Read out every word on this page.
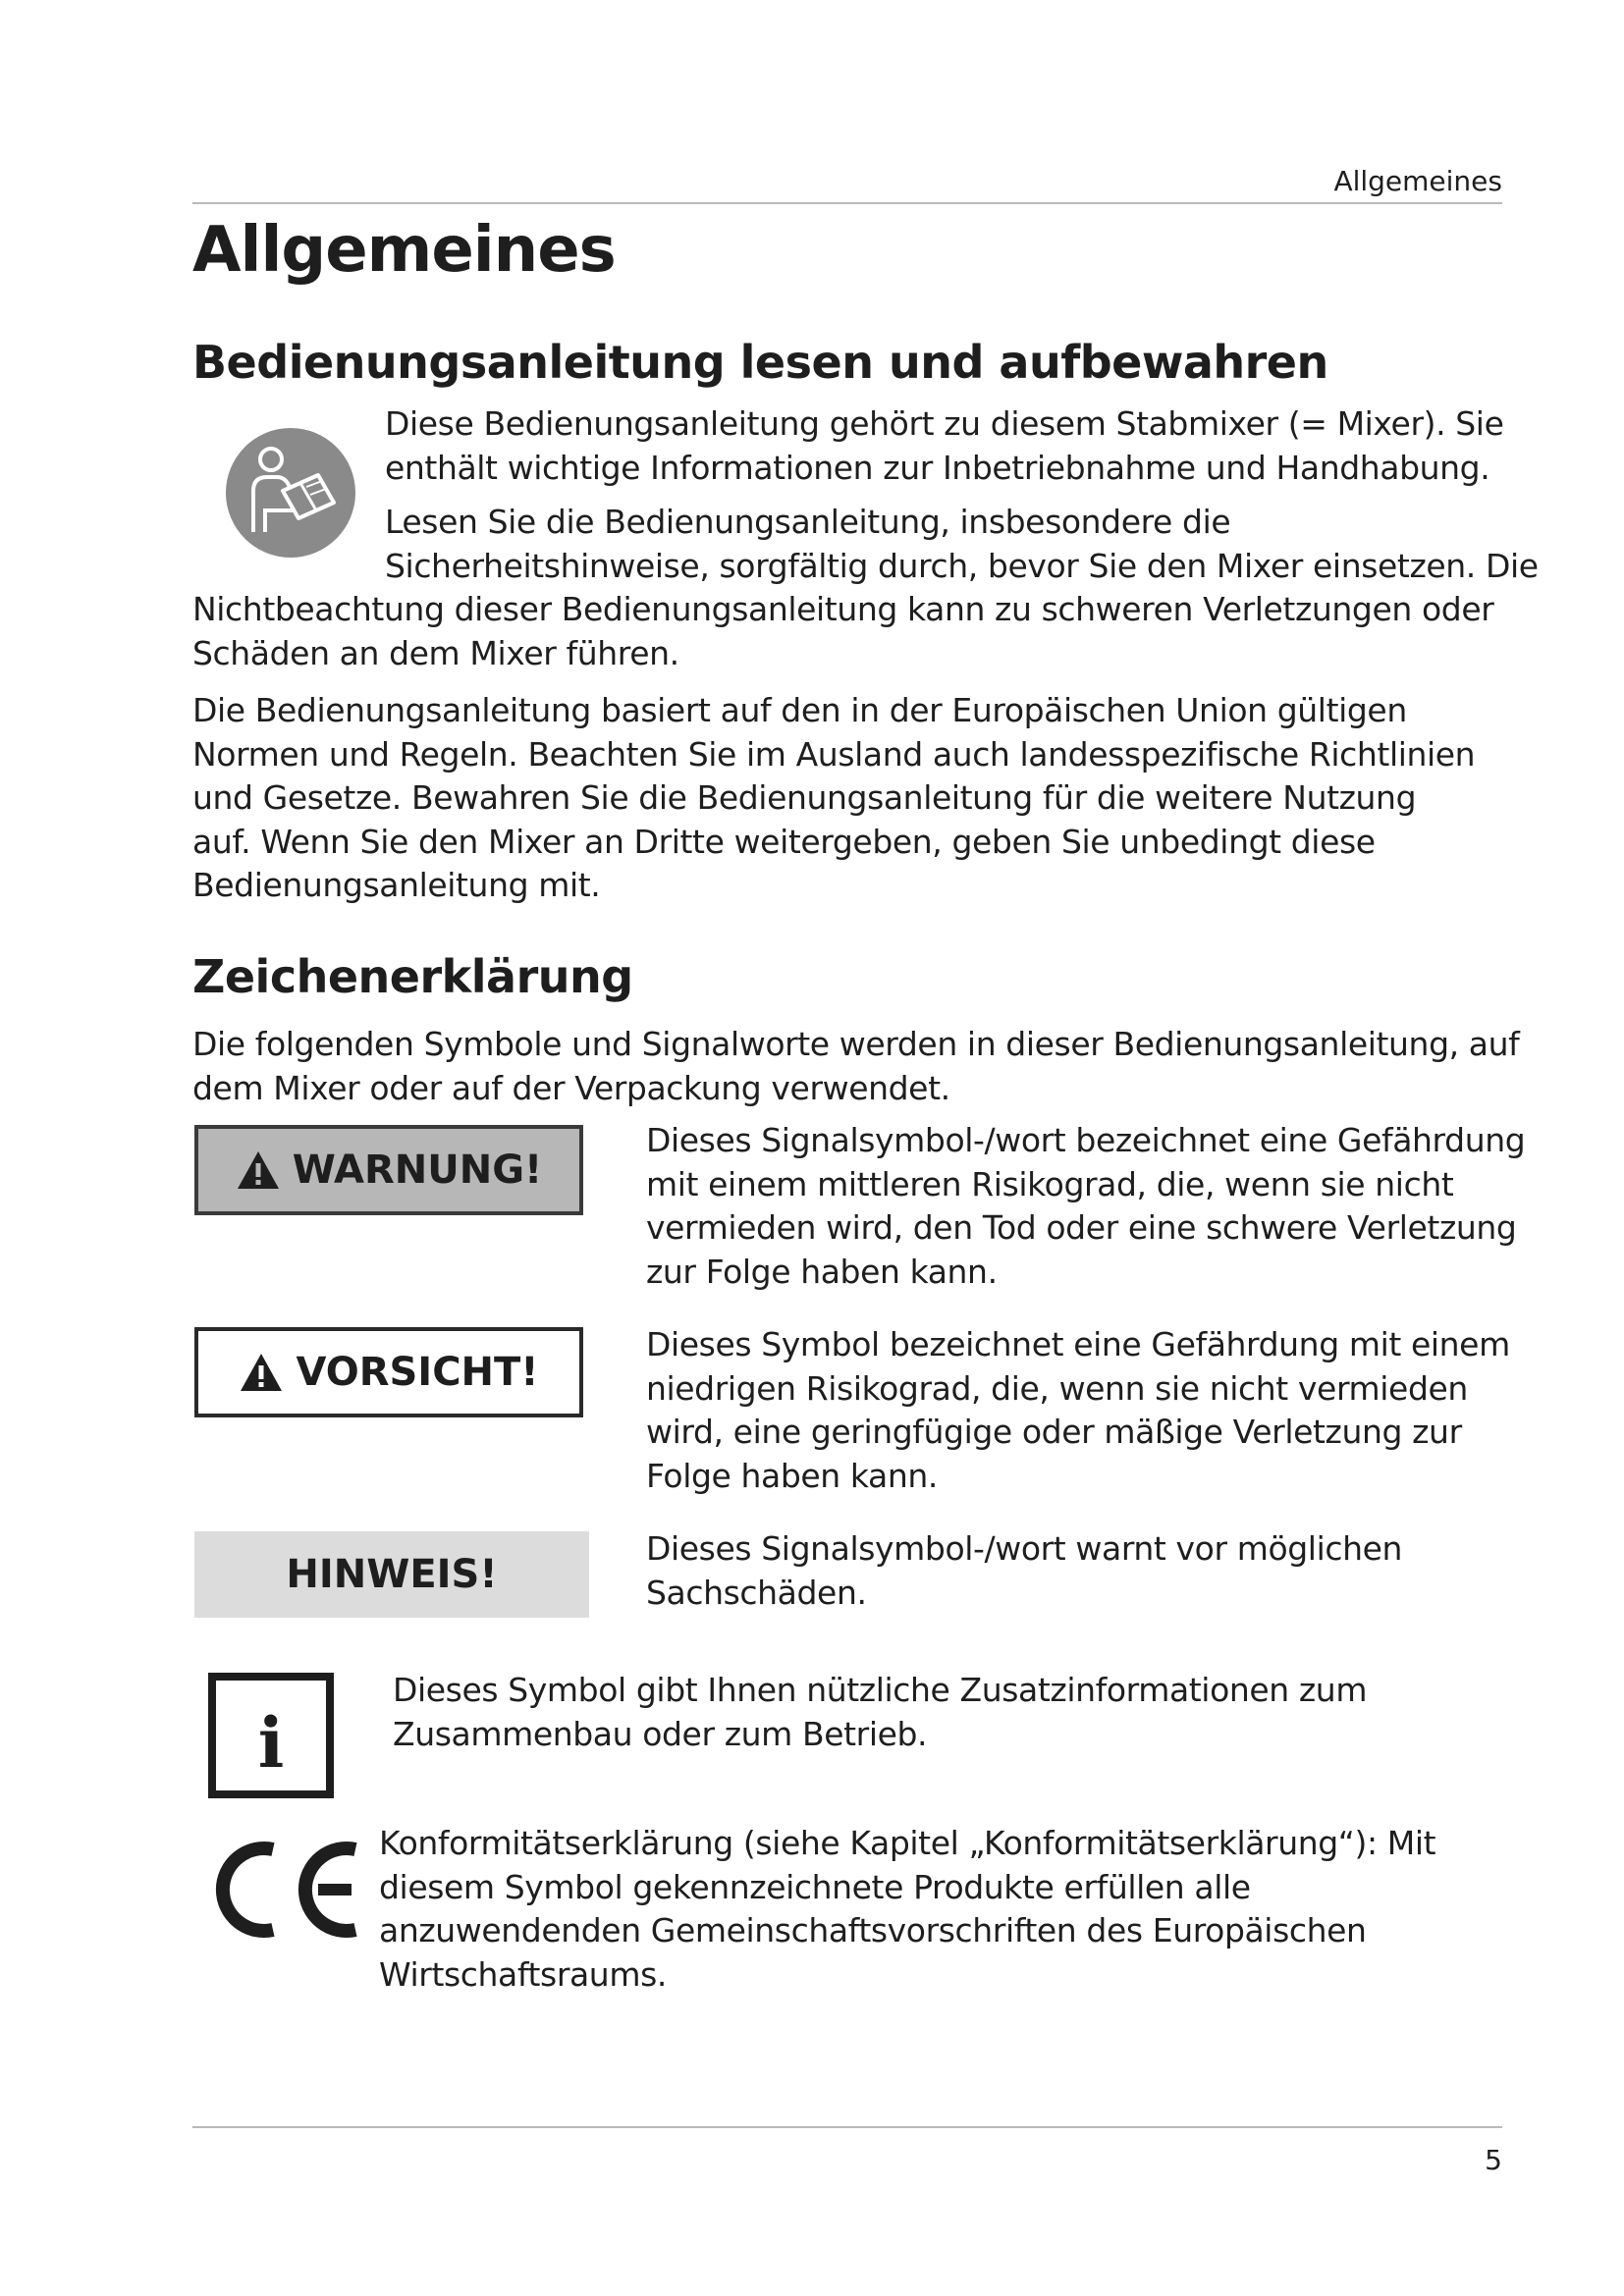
Allgemeines
Allgemeines
Bedienungsanleitung lesen und aufbewahren

Diese Bedienungsanleitung gehört zu diesem Stabmixer (= Mixer). Sie
enthält wichtige Informationen zur Inbetriebnahme und Handhabung.

Lesen Sie die Bedienungsanleitung, insbesondere die
Sicherheitshinweise, sorgfältig durch, bevor Sie den Mixer einsetzen. Die

Nichtbeachtung dieser Bedienungsanleitung kann zu schweren Verletzungen oder
Schäden an dem Mixer führen.

Die Bedienungsanleitung basiert auf den in der Europäischen Union gültigen
Normen und Regeln. Beachten Sie im Ausland auch landesspezifische Richtlinien
und Gesetze. Bewahren Sie die Bedienungsanleitung für die weitere Nutzung
auf. Wenn Sie den Mixer an Dritte weitergeben, geben Sie unbedingt diese
Bedienungsanleitung mit.

Zeichenerklärung

Die folgenden Symbole und Signalworte werden in dieser Bedienungsanleitung, auf
dem Mixer oder auf der Verpackung verwendet.

WARNUNG!

Dieses Signalsymbol-/wort bezeichnet eine Gefährdung
mit einem mittleren Risikograd, die, wenn sie nicht
vermieden wird, den Tod oder eine schwere Verletzung
zur Folge haben kann.

VORSICHT!

Dieses Symbol bezeichnet eine Gefährdung mit einem
niedrigen Risikograd, die, wenn sie nicht vermieden
wird, eine geringfügige oder mäßige Verletzung zur
Folge haben kann.

HINWEIS!

Dieses Signalsymbol-/wort warnt vor möglichen
Sachschäden.

i

Dieses Symbol gibt Ihnen nützliche Zusatzinformationen zum
Zusammenbau oder zum Betrieb.

Konformitätserklärung (siehe Kapitel „Konformitätserklärung“): Mit
diesem Symbol gekennzeichnete Produkte erfüllen alle
anzuwendenden Gemeinschaftsvorschriften des Europäischen
Wirtschaftsraums.

5
